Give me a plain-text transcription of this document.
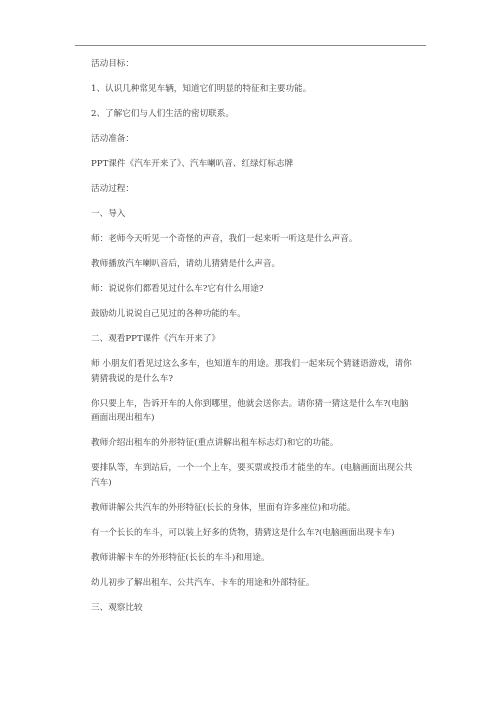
活动目标：

1、认识几种常见车辆，知道它们明显的特征和主要功能。

2、了解它们与人们生活的密切联系。

活动准备：

PPT课件《汽车开来了》、汽车喇叭音、红绿灯标志牌

活动过程：

一、导入

师：老师今天听见一个奇怪的声音，我们一起来听一听这是什么声音。

教师播放汽车喇叭音后，请幼儿猜猜是什么声音。

师：说说你们都看见过什么车?它有什么用途?

鼓励幼儿说说自己见过的各种功能的车。

二、观看PPT课件《汽车开来了》

师 小朋友们看见过这么多车，也知道车的用途。那我们一起来玩个猜谜语游戏，请你猜猜我说的是什么车?

你只要上车，告诉开车的人你到哪里，他就会送你去。请你猜一猜这是什么车?(电脑画面出现出租车)

教师介绍出租车的外形特征(重点讲解出租车标志灯)和它的功能。

要排队等，车到站后，一个一个上车，要买票或投币才能坐的车。(电脑画面出现公共汽车)

教师讲解公共汽车的外形特征(长长的身体，里面有许多座位)和功能。

有一个长长的车斗，可以装上好多的货物，猜猜这是什么车?(电脑画面出现卡车)

教师讲解卡车的外形特征(长长的车斗)和用途。

幼儿初步了解出租车、公共汽车、卡车的用途和外部特征。

三、观察比较
